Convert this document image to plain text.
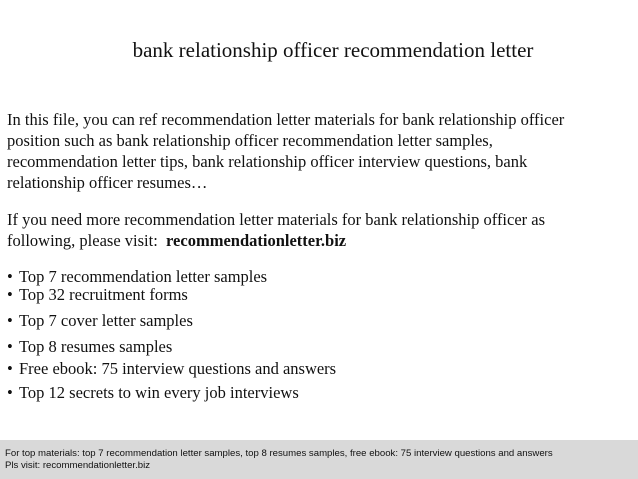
bank relationship officer recommendation letter
In this file, you can ref recommendation letter materials for bank relationship officer
position such as bank relationship officer recommendation letter samples,
recommendation letter tips, bank relationship officer interview questions, bank
relationship officer resumes…
If you need more recommendation letter materials for bank relationship officer as
following, please visit:  recommendationletter.biz
• Top 7 recommendation letter samples
• Top 32 recruitment forms
• Top 7 cover letter samples
• Top 8 resumes samples
• Free ebook: 75 interview questions and answers
• Top 12 secrets to win every job interviews
For top materials: top 7 recommendation letter samples, top 8 resumes samples, free ebook: 75 interview questions and answers
Pls visit: recommendationletter.biz
